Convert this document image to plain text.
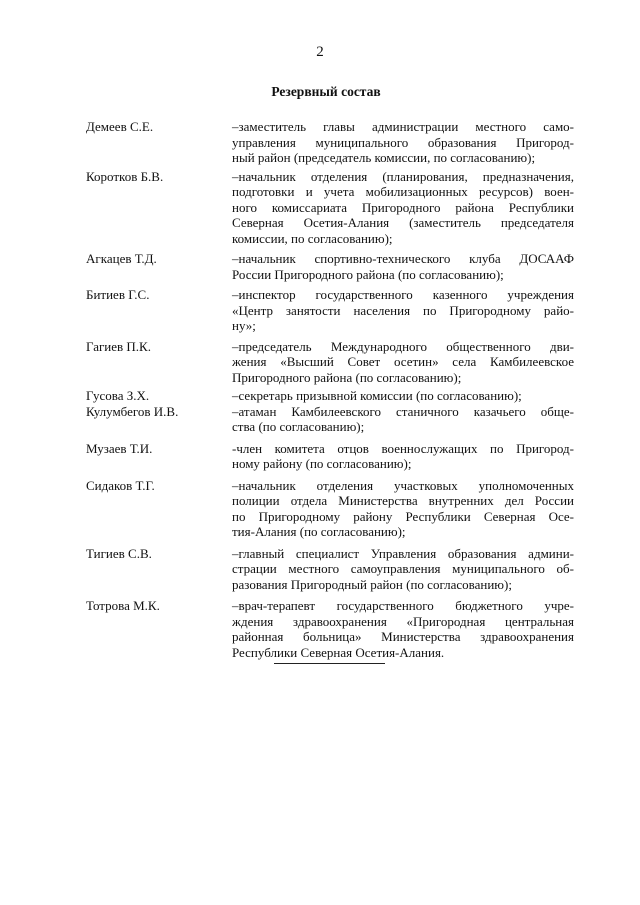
2
Резервный состав
Демеев С.Е.	–заместитель главы администрации местного само-
управления муниципального образования Пригород-
ный район (председатель комиссии, по согласованию);
Коротков Б.В.	–начальник отделения (планирования, предназначения,
подготовки и учета мобилизационных ресурсов) воен-
ного комиссариата Пригородного района Республики
Северная Осетия-Алания (заместитель председателя
комиссии, по согласованию);
Агкацев Т.Д.	–начальник спортивно-технического клуба ДОСААФ
России Пригородного района (по согласованию);
Битиев Г.С.	–инспектор государственного казенного учреждения
«Центр занятости населения по Пригородному райо-
ну»;
Гагиев П.К.	–председатель Международного общественного дви-
жения «Высший Совет осетин» села Камбилеевское
Пригородного района (по согласованию);
Гусова З.Х.	–секретарь призывной комиссии (по согласованию);
Кулумбегов И.В.	–атаман Камбилеевского станичного казачьего обще-
ства (по согласованию);
Музаев Т.И.	-член комитета отцов военнослужащих по Пригород-
ному району (по согласованию);
Сидаков Т.Г.	–начальник отделения участковых уполномоченных
полиции отдела Министерства внутренних дел России
по Пригородному району Республики Северная Осе-
тия-Алания (по согласованию);
Тигиев С.В.	–главный специалист Управления образования админи-
страции местного самоуправления муниципального об-
разования Пригородный район (по согласованию);
Тотрова М.К.	–врач-терапевт государственного бюджетного учре-
ждения здравоохранения «Пригородная центральная
районная больница» Министерства здравоохранения
Республики Северная Осетия-Алания.
